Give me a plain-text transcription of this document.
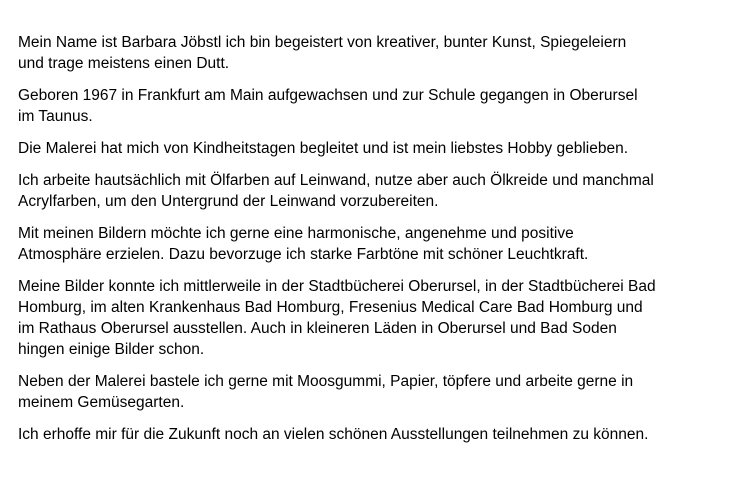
Mein Name ist Barbara Jöbstl ich bin begeistert von kreativer, bunter Kunst, Spiegeleiern
und trage meistens einen Dutt.

Geboren 1967 in Frankfurt am Main aufgewachsen und zur Schule gegangen in Oberursel
im Taunus.

Die Malerei hat mich von Kindheitstagen begleitet und ist mein liebstes Hobby geblieben.

Ich arbeite hautsächlich mit Ölfarben auf Leinwand, nutze aber auch Ölkreide und manchmal
Acrylfarben, um den Untergrund der Leinwand vorzubereiten.

Mit meinen Bildern möchte ich gerne eine harmonische, angenehme und positive
Atmosphäre erzielen. Dazu bevorzuge ich starke Farbtöne mit schöner Leuchtkraft.

Meine Bilder konnte ich mittlerweile in der Stadtbücherei Oberursel, in der Stadtbücherei Bad
Homburg, im alten Krankenhaus Bad Homburg, Fresenius Medical Care Bad Homburg und
im Rathaus Oberursel ausstellen. Auch in kleineren Läden in Oberursel und Bad Soden
hingen einige Bilder schon.

Neben der Malerei bastele ich gerne mit Moosgummi, Papier, töpfere und arbeite gerne in
meinem Gemüsegarten.

Ich erhoffe mir für die Zukunft noch an vielen schönen Ausstellungen teilnehmen zu können.
